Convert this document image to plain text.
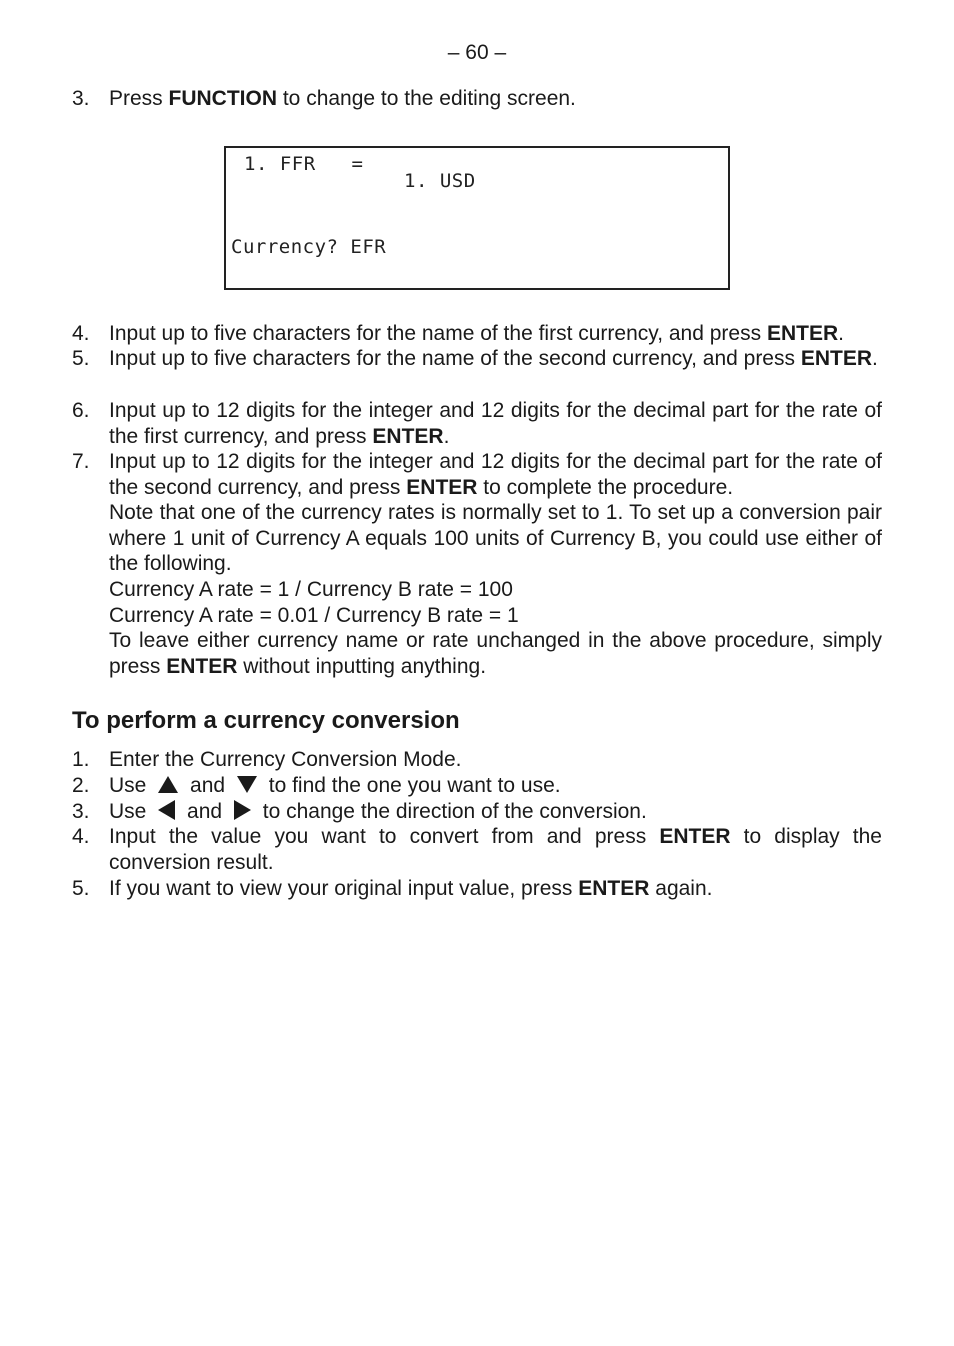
– 60 –
3. Press FUNCTION to change to the editing screen.
1. FFR   =
1. USD
Currency? EFR
4. Input up to five characters for the name of the first currency, and press ENTER.
5. Input up to five characters for the name of the second currency, and press ENTER.
6. Input up to 12 digits for the integer and 12 digits for the decimal part for the rate of the first currency, and press ENTER.
7. Input up to 12 digits for the integer and 12 digits for the decimal part for the rate of the second currency, and press ENTER to complete the procedure.
Note that one of the currency rates is normally set to 1. To set up a conversion pair where 1 unit of Currency A equals 100 units of Currency B, you could use either of the following.
Currency A rate = 1 / Currency B rate = 100
Currency A rate = 0.01 / Currency B rate = 1
To leave either currency name or rate unchanged in the above procedure, simply press ENTER without inputting anything.
To perform a currency conversion
1. Enter the Currency Conversion Mode.
2. Use  and  to find the one you want to use.
3. Use  and  to change the direction of the conversion.
4. Input the value you want to convert from and press ENTER to display the conversion result.
5. If you want to view your original input value, press ENTER again.
